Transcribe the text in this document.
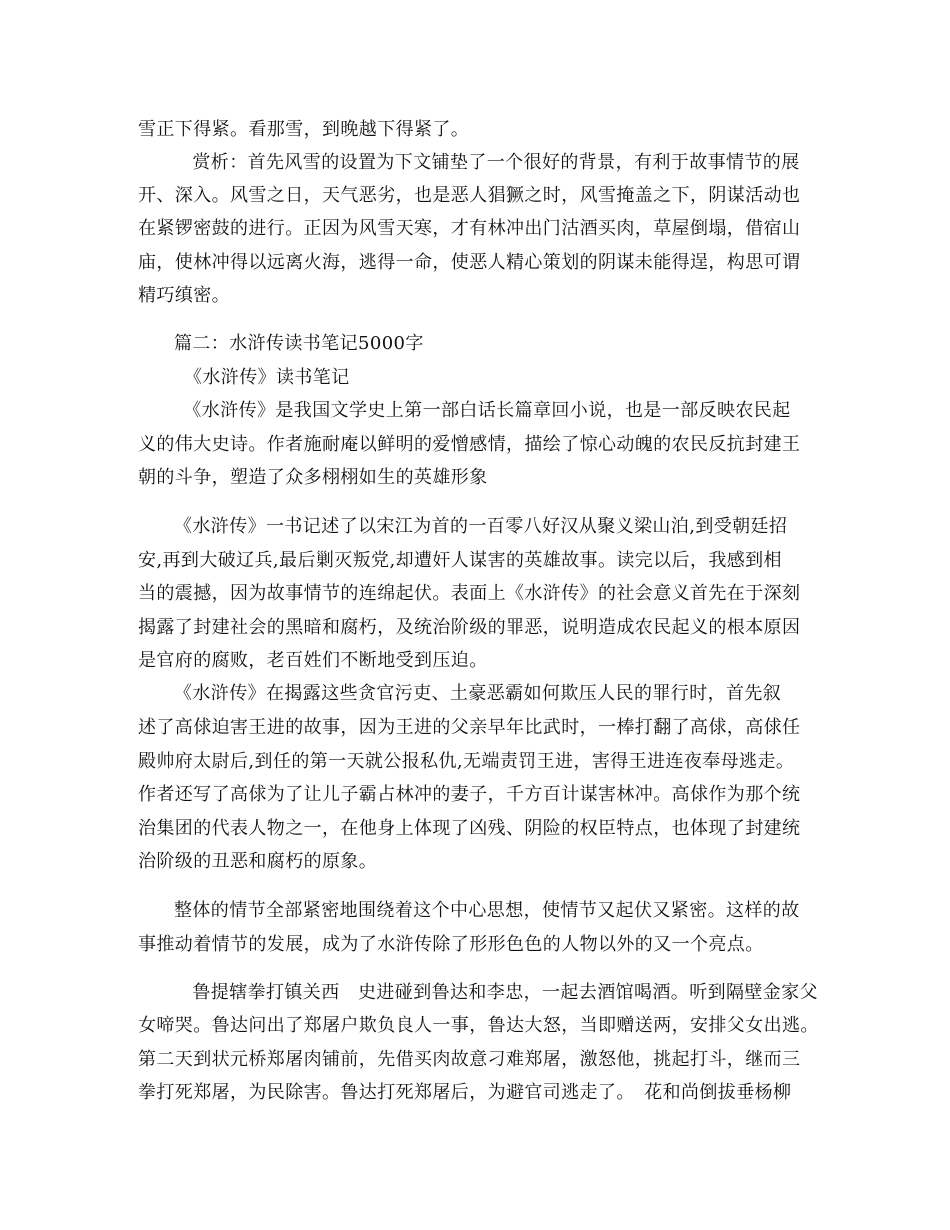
雪正下得紧。看那雪，到晚越下得紧了。
　赏析：首先风雪的设置为下文铺垫了一个很好的背景，有利于故事情节的展
开、深入。风雪之日，天气恶劣，也是恶人猖獗之时，风雪掩盖之下，阴谋活动也
在紧锣密鼓的进行。正因为风雪天寒，才有林冲出门沽酒买肉，草屋倒塌，借宿山
庙，使林冲得以远离火海，逃得一命，使恶人精心策划的阴谋未能得逞，构思可谓
精巧缜密。
篇二：水浒传读书笔记5000字
《水浒传》读书笔记
　《水浒传》是我国文学史上第一部白话长篇章回小说，也是一部反映农民起
义的伟大史诗。作者施耐庵以鲜明的爱憎感情，描绘了惊心动魄的农民反抗封建王
朝的斗争，塑造了众多栩栩如生的英雄形象
《水浒传》一书记述了以宋江为首的一百零八好汉从聚义梁山泊,到受朝廷招
安,再到大破辽兵,最后剿灭叛党,却遭奸人谋害的英雄故事。读完以后，我感到相
当的震撼，因为故事情节的连绵起伏。表面上《水浒传》的社会意义首先在于深刻
揭露了封建社会的黑暗和腐朽，及统治阶级的罪恶，说明造成农民起义的根本原因
是官府的腐败，老百姓们不断地受到压迫。
《水浒传》在揭露这些贪官污吏、土豪恶霸如何欺压人民的罪行时，首先叙
述了高俅迫害王进的故事，因为王进的父亲早年比武时，一棒打翻了高俅，高俅任
殿帅府太尉后,到任的第一天就公报私仇,无端责罚王进，害得王进连夜奉母逃走。
作者还写了高俅为了让儿子霸占林冲的妻子，千方百计谋害林冲。高俅作为那个统
治集团的代表人物之一，在他身上体现了凶残、阴险的权臣特点，也体现了封建统
治阶级的丑恶和腐朽的原象。
整体的情节全部紧密地围绕着这个中心思想，使情节又起伏又紧密。这样的故
事推动着情节的发展，成为了水浒传除了形形色色的人物以外的又一个亮点。
　鲁提辖拳打镇关西　史进碰到鲁达和李忠，一起去酒馆喝酒。听到隔壁金家父
女啼哭。鲁达问出了郑屠户欺负良人一事，鲁达大怒，当即赠送两，安排父女出逃。
第二天到状元桥郑屠肉铺前，先借买肉故意刁难郑屠，激怒他，挑起打斗，继而三
拳打死郑屠，为民除害。鲁达打死郑屠后，为避官司逃走了。　花和尚倒拔垂杨柳
